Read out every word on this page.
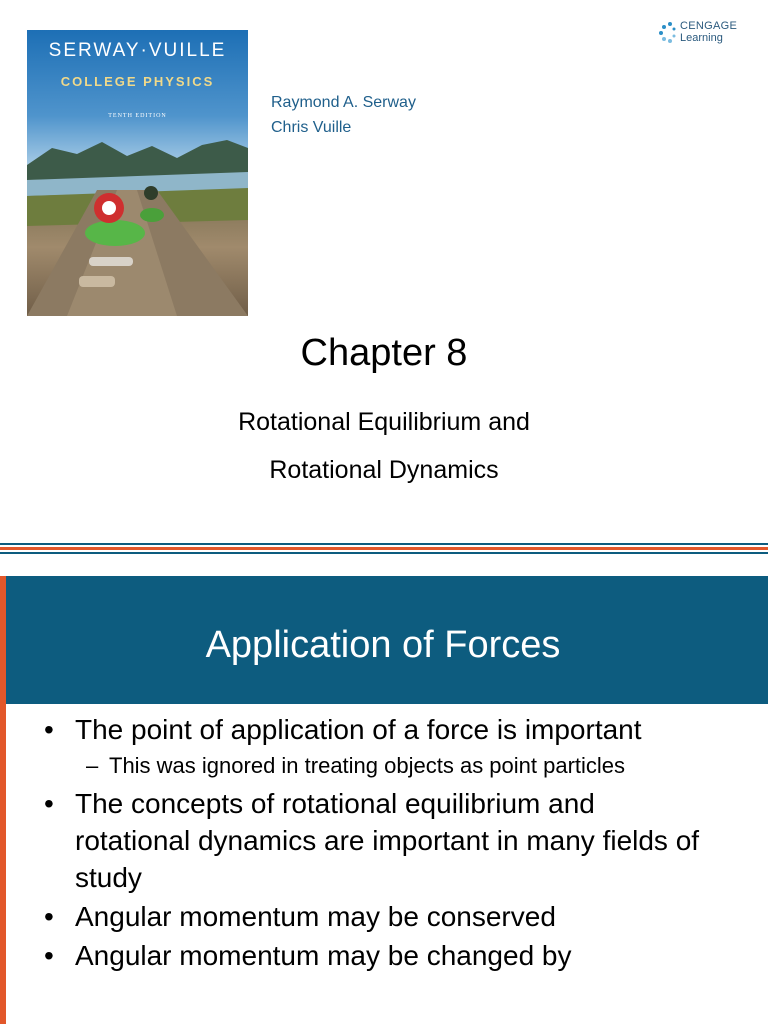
SERWAY·VUILLE
COLLEGE PHYSICS
TENTH EDITION
CENGAGE
Learning
Raymond A. Serway
Chris Vuille
Chapter 8
Rotational Equilibrium and
Rotational Dynamics
Application of Forces
• The point of application of a force is important
– This was ignored in treating objects as point particles
• The concepts of rotational equilibrium and rotational dynamics are important in many fields of study
• Angular momentum may be conserved
• Angular momentum may be changed by
